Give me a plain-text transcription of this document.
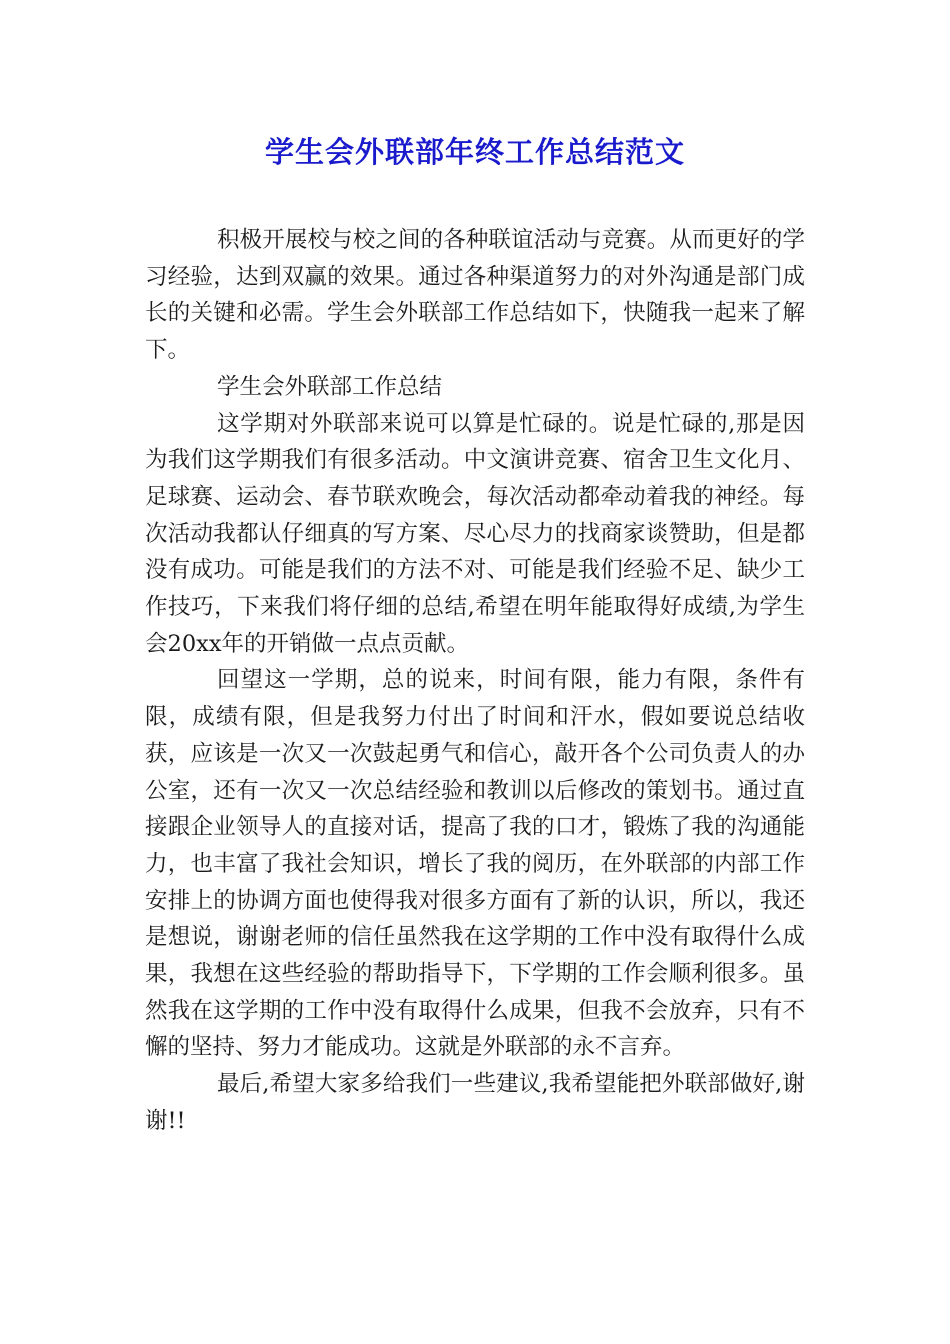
学生会外联部年终工作总结范文

积极开展校与校之间的各种联谊活动与竞赛。从而更好的学习经验，达到双赢的效果。通过各种渠道努力的对外沟通是部门成长的关键和必需。学生会外联部工作总结如下，快随我一起来了解下。

学生会外联部工作总结

这学期对外联部来说可以算是忙碌的。说是忙碌的,那是因为我们这学期我们有很多活动。中文演讲竞赛、宿舍卫生文化月、足球赛、运动会、春节联欢晚会，每次活动都牵动着我的神经。每次活动我都认仔细真的写方案、尽心尽力的找商家谈赞助，但是都没有成功。可能是我们的方法不对、可能是我们经验不足、缺少工作技巧，下来我们将仔细的总结,希望在明年能取得好成绩,为学生会20xx年的开销做一点点贡献。

回望这一学期，总的说来，时间有限，能力有限，条件有限，成绩有限，但是我努力付出了时间和汗水，假如要说总结收获，应该是一次又一次鼓起勇气和信心，敲开各个公司负责人的办公室，还有一次又一次总结经验和教训以后修改的策划书。通过直接跟企业领导人的直接对话，提高了我的口才，锻炼了我的沟通能力，也丰富了我社会知识，增长了我的阅历，在外联部的内部工作安排上的协调方面也使得我对很多方面有了新的认识，所以，我还是想说，谢谢老师的信任虽然我在这学期的工作中没有取得什么成果，我想在这些经验的帮助指导下，下学期的工作会顺利很多。虽然我在这学期的工作中没有取得什么成果，但我不会放弃，只有不懈的坚持、努力才能成功。这就是外联部的永不言弃。

最后,希望大家多给我们一些建议,我希望能把外联部做好,谢谢!!
